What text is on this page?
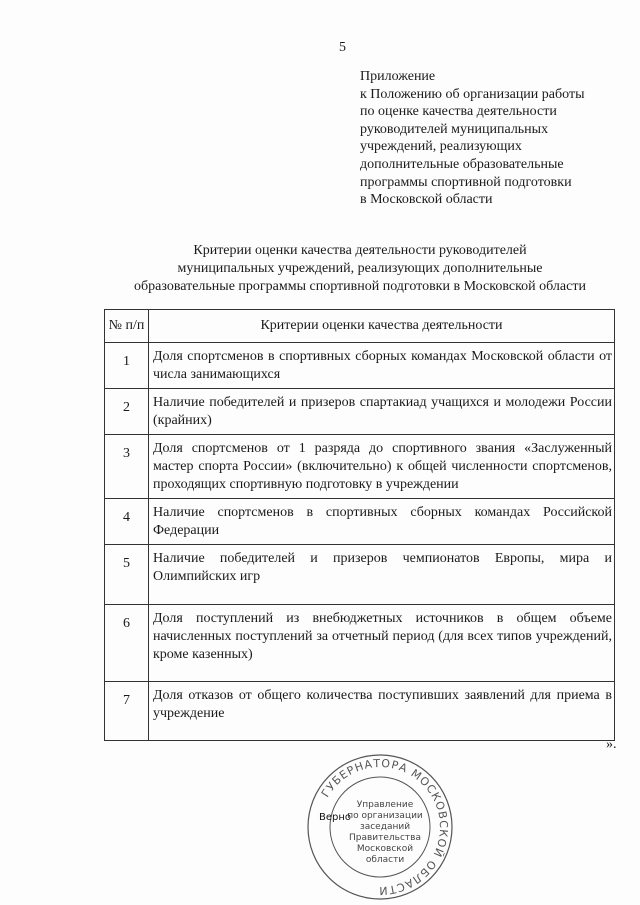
5
Приложение
к Положению об организации работы
по оценке качества деятельности
руководителей муниципальных
учреждений, реализующих
дополнительные образовательные
программы спортивной подготовки
в Московской области
Критерии оценки качества деятельности руководителей
муниципальных учреждений, реализующих дополнительные
образовательные программы спортивной подготовки в Московской области
№ п/п	Критерии оценки качества деятельности
1	Доля спортсменов в спортивных сборных командах Московской области от числа занимающихся
2	Наличие победителей и призеров спартакиад учащихся и молодежи России (крайних)
3	Доля спортсменов от 1 разряда до спортивного звания «Заслуженный мастер спорта России» (включительно) к общей численности спортсменов, проходящих спортивную подготовку в учреждении
4	Наличие спортсменов в спортивных сборных командах Российской Федерации
5	Наличие победителей и призеров чемпионатов Европы, мира и Олимпийских игр
6	Доля поступлений из внебюджетных источников в общем объеме начисленных поступлений за отчетный период (для всех типов учреждений, кроме казенных)
7	Доля отказов от общего количества поступивших заявлений для приема в учреждение
».
ГУБЕРНАТОРА МОСКОВСКОЙ ОБЛАСТИ
Управление
по организации
заседаний
Правительства
Московской
области
Верно
